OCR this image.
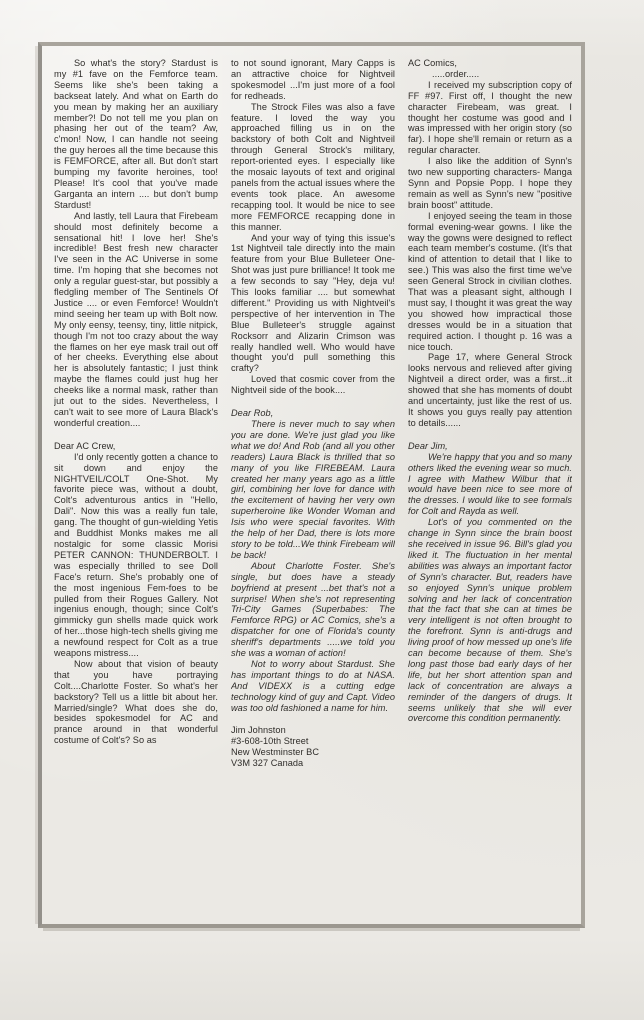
So what's the story? Stardust is my #1 fave on the Femforce team. Seems like she's been taking a backseat lately. And what on Earth do you mean by making her an auxiliary member?! Do not tell me you plan on phasing her out of the team? Aw, c'mon! Now, I can handle not seeing the guy heroes all the time because this is FEMFORCE, after all. But don't start bumping my favorite heroines, too! Please! It's cool that you've made Garganta an intern .... but don't bump Stardust!

And lastly, tell Laura that Firebeam should most definitely become a sensational hit! I love her! She's incredible! Best fresh new character I've seen in the AC Universe in some time. I'm hoping that she becomes not only a regular guest-star, but possibly a fledgling member of The Sentinels Of Justice .... or even Femforce! Wouldn't mind seeing her team up with Bolt now. My only eensy, teensy, tiny, little nitpick, though I'm not too crazy about the way the flames on her eye mask trail out off of her cheeks. Everything else about her is absolutely fantastic; I just think maybe the flames could just hug her cheeks like a normal mask, rather than jut out to the sides. Nevertheless, I can't wait to see more of Laura Black's wonderful creation....

Dear AC Crew,

I'd only recently gotten a chance to sit down and enjoy the NIGHTVEIL/COLT One-Shot. My favorite piece was, without a doubt, Colt's adventurous antics in "Hello, Dali". Now this was a really fun tale, gang. The thought of gun-wielding Yetis and Buddhist Monks makes me all nostalgic for some classic Morisi PETER CANNON: THUNDERBOLT. I was especially thrilled to see Doll Face's return. She's probably one of the most ingenious Fem-foes to be pulled from their Rogues Gallery. Not ingenius enough, though; since Colt's gimmicky gun shells made quick work of her...those high-tech shells giving me a newfound respect for Colt as a true weapons mistress....

Now about that vision of beauty that you have portraying Colt....Charlotte Foster. So what's her backstory? Tell us a little bit about her. Married/single? What does she do, besides spokesmodel for AC and prance around in that wonderful costume of Colt's? So as

to not sound ignorant, Mary Capps is an attractive choice for Nightveil spokesmodel ...I'm just more of a fool for redheads.

The Strock Files was also a fave feature. I loved the way you approached filling us in on the backstory of both Colt and Nightveil through General Strock's military, report-oriented eyes. I especially like the mosaic layouts of text and original panels from the actual issues where the events took place. An awesome recapping tool. It would be nice to see more FEMFORCE recapping done in this manner.

And your way of tying this issue's 1st Nightveil tale directly into the main feature from your Blue Bulleteer One-Shot was just pure brilliance! It took me a few seconds to say "Hey, deja vu! This looks familiar .... but somewhat different." Providing us with Nightveil's perspective of her intervention in The Blue Bulleteer's struggle against Rocksorr and Alizarin Crimson was really handled well. Who would have thought you'd pull something this crafty?

Loved that cosmic cover from the Nightveil side of the book....

Dear Rob,

There is never much to say when you are done. We're just glad you like what we do! And Rob (and all you other readers) Laura Black is thrilled that so many of you like FIREBEAM. Laura created her many years ago as a little girl, combining her love for dance with the excitement of having her very own superheroine like Wonder Woman and Isis who were special favorites. With the help of her Dad, there is lots more story to be told...We think Firebeam will be back!

About Charlotte Foster. She's single, but does have a steady boyfriend at present ...bet that's not a surprise! When she's not representing Tri-City Games (Superbabes: The Femforce RPG) or AC Comics, she's a dispatcher for one of Florida's county sheriff's departments .....we told you she was a woman of action!

Not to worry about Stardust. She has important things to do at NASA. And VIDEXX is a cutting edge technology kind of guy and Capt. Video was too old fashioned a name for him.

Jim Johnston

#3-608-10th Street

New Westminster BC

V3M 327 Canada

AC Comics,

.....order.....

I received my subscription copy of FF #97. First off, I thought the new character Firebeam, was great. I thought her costume was good and I was impressed with her origin story (so far). I hope she'll remain or return as a regular character.

I also like the addition of Synn's two new supporting characters- Manga Synn and Popsie Popp. I hope they remain as well as Synn's new "positive brain boost" attitude.

I enjoyed seeing the team in those formal evening-wear gowns. I like the way the gowns were designed to reflect each team member's costume. (It's that kind of attention to detail that I like to see.) This was also the first time we've seen General Strock in civilian clothes. That was a pleasant sight, although I must say, I thought it was great the way you showed how impractical those dresses would be in a situation that required action. I thought p. 16 was a nice touch.

Page 17, where General Strock looks nervous and relieved after giving Nightveil a direct order, was a first...it showed that she has moments of doubt and uncertainty, just like the rest of us. It shows you guys really pay attention to details......

Dear Jim,

We're happy that you and so many others liked the evening wear so much. I agree with Mathew Wilbur that it would have been nice to see more of the dresses. I would like to see formals for Colt and Rayda as well.

Lot's of you commented on the change in Synn since the brain boost she received in issue 96. Bill's glad you liked it. The fluctuation in her mental abilities was always an important factor of Synn's character. But, readers have so enjoyed Synn's unique problem solving and her lack of concentration that the fact that she can at times be very intelligent is not often brought to the forefront. Synn is anti-drugs and living proof of how messed up one's life can become because of them. She's long past those bad early days of her life, but her short attention span and lack of concentration are always a reminder of the dangers of drugs. It seems unlikely that she will ever overcome this condition permanently.
